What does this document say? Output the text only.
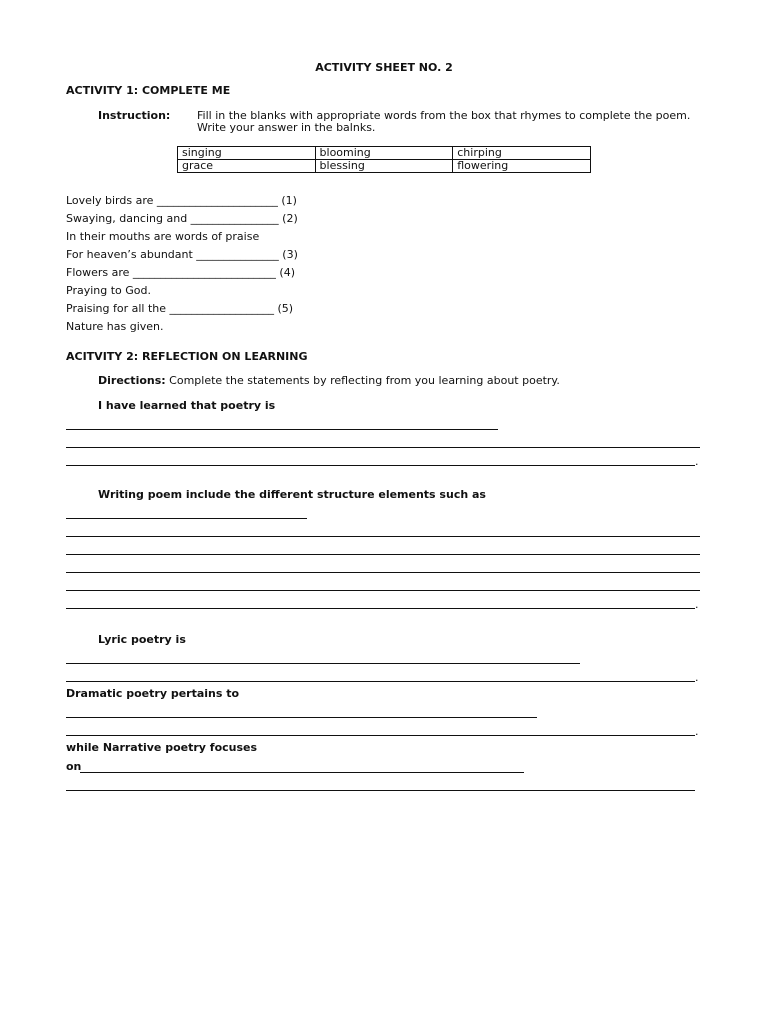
ACTIVITY SHEET NO. 2
ACTIVITY 1: COMPLETE ME
Instruction: Fill in the blanks with appropriate words from the box that rhymes to complete the poem.
Write your answer in the balnks.
singing	blooming	chirping
grace	blessing	flowering
Lovely birds are ______________________ (1)
Swaying, dancing and ________________ (2)
In their mouths are words of praise
For heaven’s abundant _______________ (3)
Flowers are __________________________ (4)
Praying to God.
Praising for all the ___________________ (5)
Nature has given.
ACITVITY 2: REFLECTION ON LEARNING
Directions: Complete the statements by reflecting from you learning about poetry.
I have learned that poetry is
.
Writing poem include the different structure elements such as
.
Lyric poetry is
.
Dramatic poetry pertains to
.
while Narrative poetry focuses
on
